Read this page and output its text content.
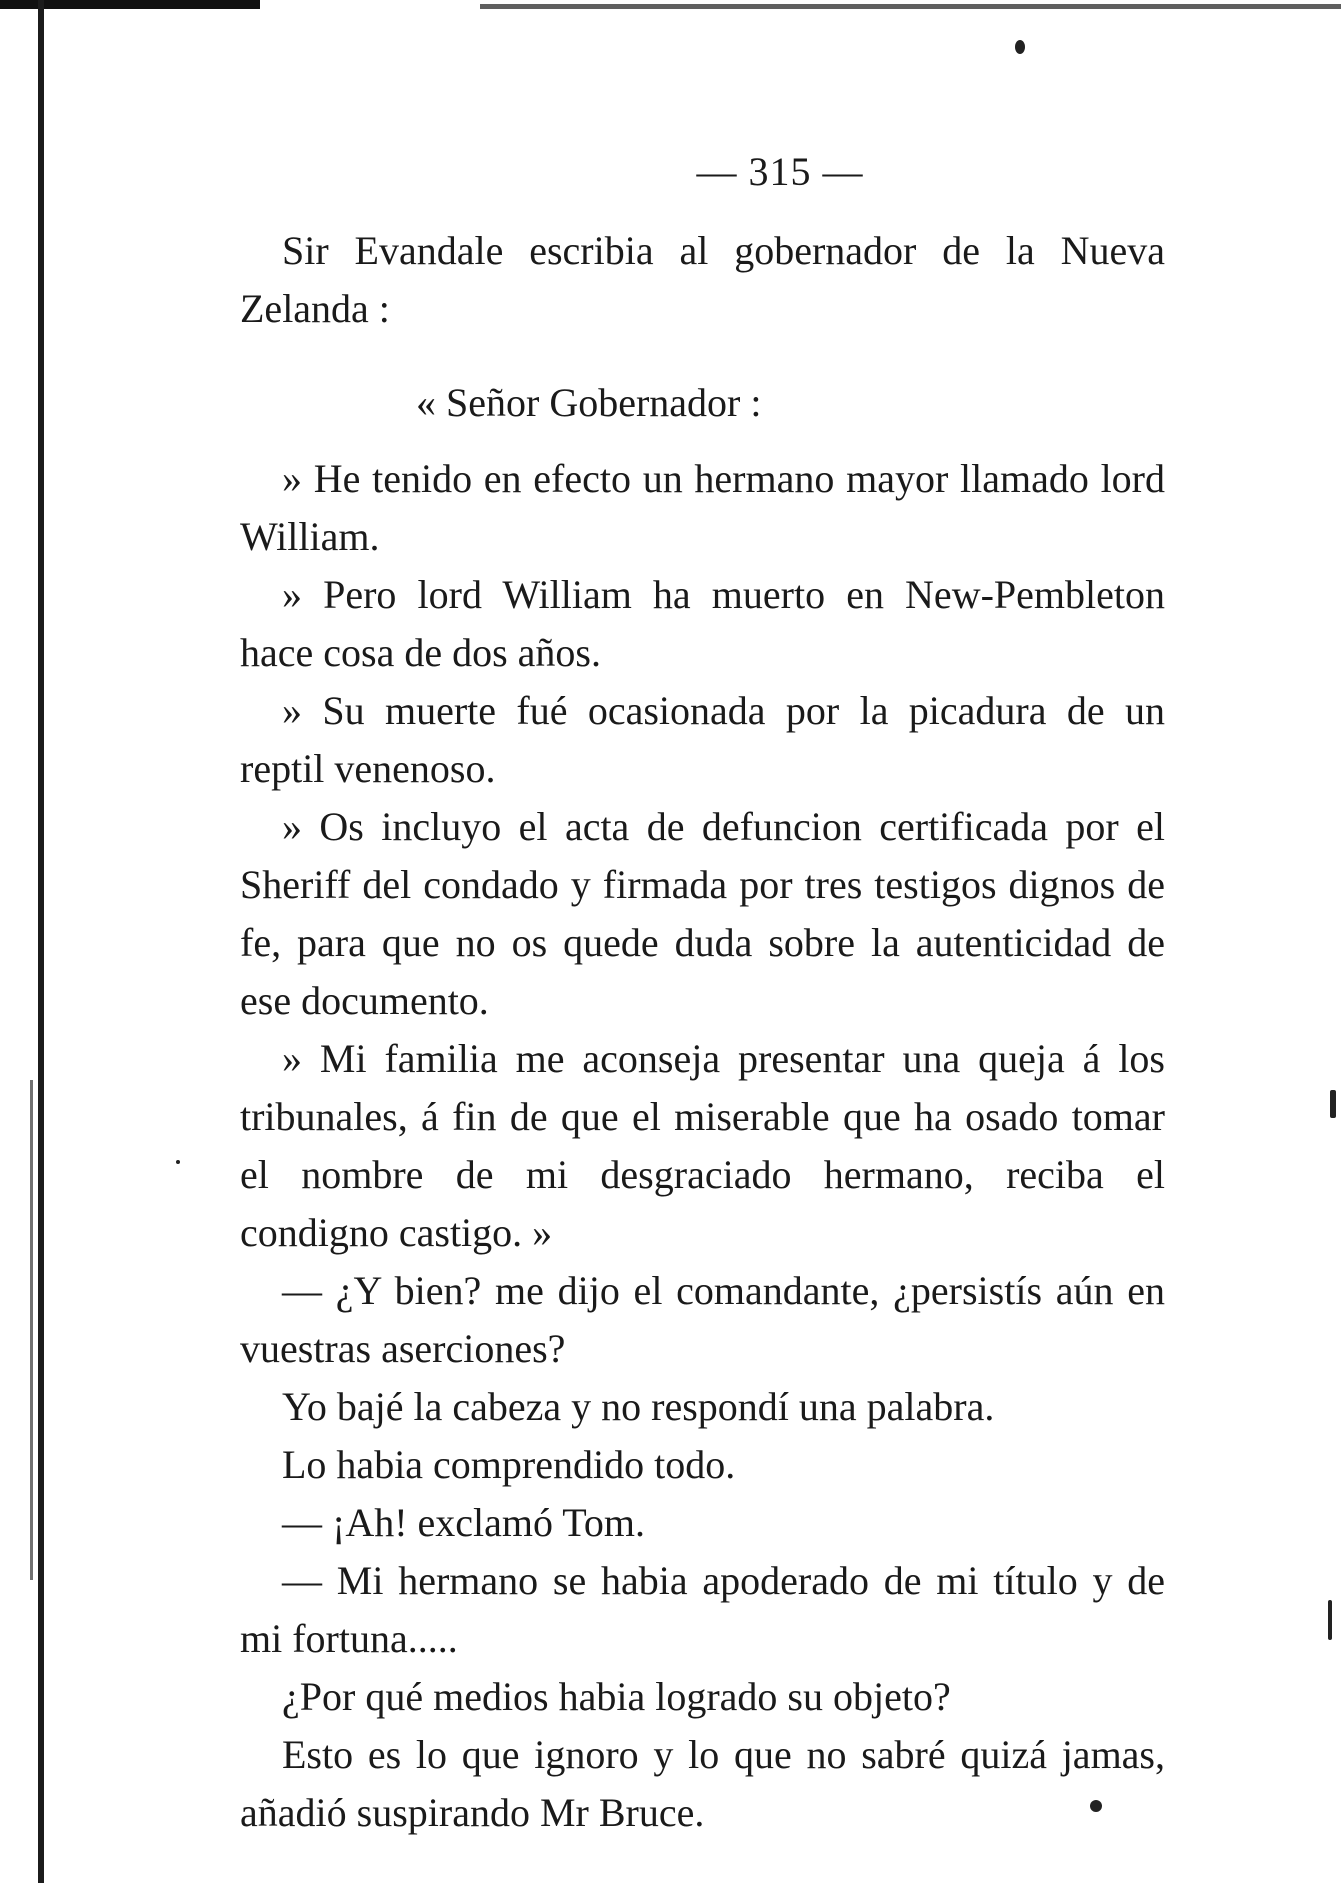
— 315 —

Sir Evandale escribia al gobernador de la Nueva Zelanda :

« Señor Gobernador :

» He tenido en efecto un hermano mayor llamado lord William.

» Pero lord William ha muerto en New-Pembleton hace cosa de dos años.

» Su muerte fué ocasionada por la picadura de un reptil venenoso.

» Os incluyo el acta de defuncion certificada por el Sheriff del condado y firmada por tres testigos dignos de fe, para que no os quede duda sobre la autenticidad de ese documento.

» Mi familia me aconseja presentar una queja á los tribunales, á fin de que el miserable que ha osado tomar el nombre de mi desgraciado hermano, reciba el condigno castigo. »

— ¿Y bien? me dijo el comandante, ¿persistís aún en vuestras aserciones?

Yo bajé la cabeza y no respondí una palabra.

Lo habia comprendido todo.

— ¡Ah! exclamó Tom.

— Mi hermano se habia apoderado de mi título y de mi fortuna.....

¿Por qué medios habia logrado su objeto?

Esto es lo que ignoro y lo que no sabré quizá jamas, añadió suspirando Mr Bruce.
